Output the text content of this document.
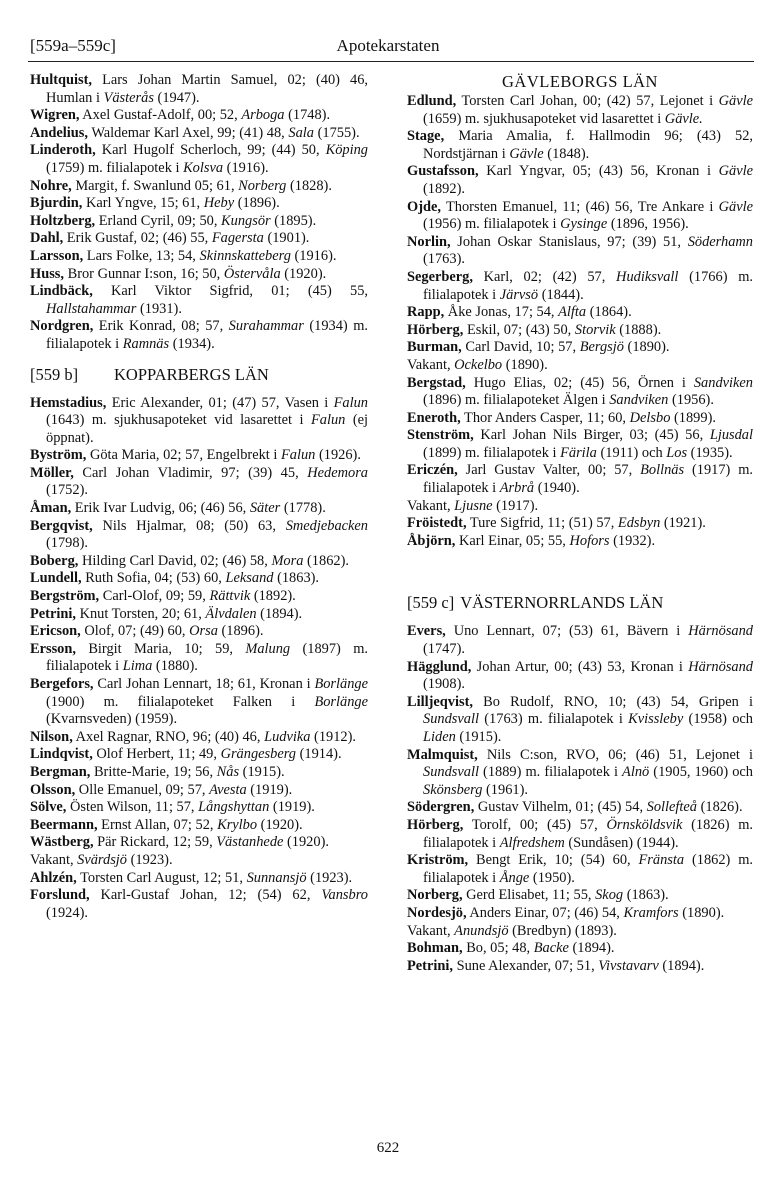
[559a–559c]	Apotekarstaten

Hultquist, Lars Johan Martin Samuel, 02; (40) 46, Humlan i Västerås (1947).

Wigren, Axel Gustaf-Adolf, 00; 52, Arboga (1748).

Andelius, Waldemar Karl Axel, 99; (41) 48, Sala (1755).

Linderoth, Karl Hugolf Scherloch, 99; (44) 50, Köping (1759) m. filialapotek i Kolsva (1916).

Nohre, Margit, f. Swanlund 05; 61, Norberg (1828).

Bjurdin, Karl Yngve, 15; 61, Heby (1896).

Holtzberg, Erland Cyril, 09; 50, Kungsör (1895).

Dahl, Erik Gustaf, 02; (46) 55, Fagersta (1901).

Larsson, Lars Folke, 13; 54, Skinnskatteberg (1916).

Huss, Bror Gunnar I:son, 16; 50, Östervåla (1920).

Lindbäck, Karl Viktor Sigfrid, 01; (45) 55, Hallstahammar (1931).

Nordgren, Erik Konrad, 08; 57, Surahammar (1934) m. filialapotek i Ramnäs (1934).

[559 b] KOPPARBERGS LÄN

Hemstadius, Eric Alexander, 01; (47) 57, Vasen i Falun (1643) m. sjukhusapoteket vid lasarettet i Falun (ej öppnat).

Byström, Göta Maria, 02; 57, Engelbrekt i Falun (1926).

Möller, Carl Johan Vladimir, 97; (39) 45, Hedemora (1752).

Åman, Erik Ivar Ludvig, 06; (46) 56, Säter (1778).

Bergqvist, Nils Hjalmar, 08; (50) 63, Smedjebacken (1798).

Boberg, Hilding Carl David, 02; (46) 58, Mora (1862).

Lundell, Ruth Sofia, 04; (53) 60, Leksand (1863).

Bergström, Carl-Olof, 09; 59, Rättvik (1892).

Petrini, Knut Torsten, 20; 61, Älvdalen (1894).

Ericson, Olof, 07; (49) 60, Orsa (1896).

Ersson, Birgit Maria, 10; 59, Malung (1897) m. filialapotek i Lima (1880).

Bergefors, Carl Johan Lennart, 18; 61, Kronan i Borlänge (1900) m. filialapoteket Falken i Borlänge (Kvarnsveden) (1959).

Nilson, Axel Ragnar, RNO, 96; (40) 46, Ludvika (1912).

Lindqvist, Olof Herbert, 11; 49, Grängesberg (1914).

Bergman, Britte-Marie, 19; 56, Nås (1915).

Olsson, Olle Emanuel, 09; 57, Avesta (1919).

Sölve, Östen Wilson, 11; 57, Långshyttan (1919).

Beermann, Ernst Allan, 07; 52, Krylbo (1920).

Wästberg, Pär Rickard, 12; 59, Västanhede (1920).

Vakant, Svärdsjö (1923).

Ahlzén, Torsten Carl August, 12; 51, Sunnansjö (1923).

Forslund, Karl-Gustaf Johan, 12; (54) 62, Vansbro (1924).

GÄVLEBORGS LÄN

Edlund, Torsten Carl Johan, 00; (42) 57, Lejonet i Gävle (1659) m. sjukhusapoteket vid lasarettet i Gävle.

Stage, Maria Amalia, f. Hallmodin 96; (43) 52, Nordstjärnan i Gävle (1848).

Gustafsson, Karl Yngvar, 05; (43) 56, Kronan i Gävle (1892).

Ojde, Thorsten Emanuel, 11; (46) 56, Tre Ankare i Gävle (1956) m. filialapotek i Gysinge (1896, 1956).

Norlin, Johan Oskar Stanislaus, 97; (39) 51, Söderhamn (1763).

Segerberg, Karl, 02; (42) 57, Hudiksvall (1766) m. filialapotek i Järvsö (1844).

Rapp, Åke Jonas, 17; 54, Alfta (1864).

Hörberg, Eskil, 07; (43) 50, Storvik (1888).

Burman, Carl David, 10; 57, Bergsjö (1890).

Vakant, Ockelbo (1890).

Bergstad, Hugo Elias, 02; (45) 56, Örnen i Sandviken (1896) m. filialapoteket Älgen i Sandviken (1956).

Eneroth, Thor Anders Casper, 11; 60, Delsbo (1899).

Stenström, Karl Johan Nils Birger, 03; (45) 56, Ljusdal (1899) m. filialapotek i Färila (1911) och Los (1935).

Ericzén, Jarl Gustav Valter, 00; 57, Bollnäs (1917) m. filialapotek i Arbrå (1940).

Vakant, Ljusne (1917).

Fröistedt, Ture Sigfrid, 11; (51) 57, Edsbyn (1921).

Åbjörn, Karl Einar, 05; 55, Hofors (1932).

[559 c] VÄSTERNORRLANDS LÄN

Evers, Uno Lennart, 07; (53) 61, Bävern i Härnösand (1747).

Hägglund, Johan Artur, 00; (43) 53, Kronan i Härnösand (1908).

Lilljeqvist, Bo Rudolf, RNO, 10; (43) 54, Gripen i Sundsvall (1763) m. filialapotek i Kvissleby (1958) och Liden (1915).

Malmquist, Nils C:son, RVO, 06; (46) 51, Lejonet i Sundsvall (1889) m. filialapotek i Alnö (1905, 1960) och Skönsberg (1961).

Södergren, Gustav Vilhelm, 01; (45) 54, Sollefteå (1826).

Hörberg, Torolf, 00; (45) 57, Örnsköldsvik (1826) m. filialapotek i Alfredshem (Sundåsen) (1944).

Kriström, Bengt Erik, 10; (54) 60, Fränsta (1862) m. filialapotek i Ånge (1950).

Norberg, Gerd Elisabet, 11; 55, Skog (1863).

Nordesjö, Anders Einar, 07; (46) 54, Kramfors (1890).

Vakant, Anundsjö (Bredbyn) (1893).

Bohman, Bo, 05; 48, Backe (1894).

Petrini, Sune Alexander, 07; 51, Vivstavarv (1894).

622
